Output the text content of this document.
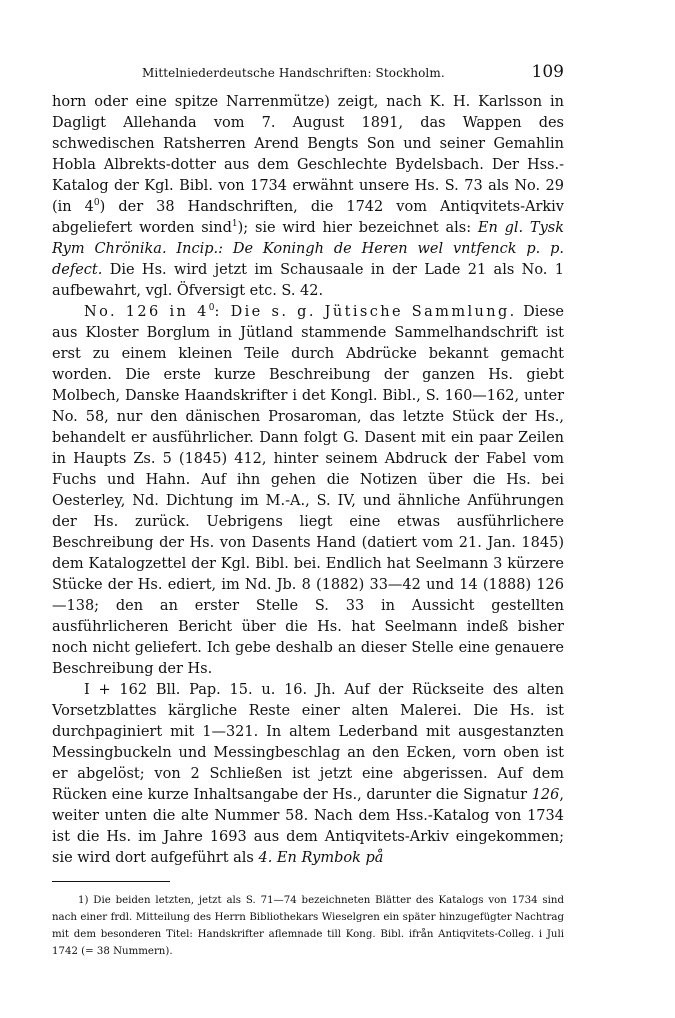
Mittelniederdeutsche Handschriften: Stockholm.	109

horn oder eine spitze Narrenmütze) zeigt, nach K. H. Karlsson in Dagligt Allehanda vom 7. August 1891, das Wappen des schwedischen Ratsherren Arend Bengts Son und seiner Gemahlin Hobla Albrekts-dotter aus dem Geschlechte Bydelsbach. Der Hss.-Katalog der Kgl. Bibl. von 1734 erwähnt unsere Hs. S. 73 als No. 29 (in $4^0$) der 38 Handschriften, die 1742 vom Antiqvitets-Arkiv abgeliefert worden sind$^1$); sie wird hier bezeichnet als: En gl. Tysk Rym Chrönika. Incip.: De Koningh de Heren wel vntfenck p. p. defect. Die Hs. wird jetzt im Schausaale in der Lade 21 als No. 1 aufbewahrt, vgl. Öfversigt etc. S. 42.

No. 126 in $4^0$: Die s. g. Jütische Sammlung. Diese aus Kloster Borglum in Jütland stammende Sammelhandschrift ist erst zu einem kleinen Teile durch Abdrücke bekannt gemacht worden. Die erste kurze Beschreibung der ganzen Hs. giebt Molbech, Danske Haandskrifter i det Kongl. Bibl., S. 160—162, unter No. 58, nur den dänischen Prosaroman, das letzte Stück der Hs., behandelt er ausführlicher. Dann folgt G. Dasent mit ein paar Zeilen in Haupts Zs. 5 (1845) 412, hinter seinem Abdruck der Fabel vom Fuchs und Hahn. Auf ihn gehen die Notizen über die Hs. bei Oesterley, Nd. Dichtung im M.-A., S. IV, und ähnliche Anführungen der Hs. zurück. Uebrigens liegt eine etwas ausführlichere Beschreibung der Hs. von Dasents Hand (datiert vom 21. Jan. 1845) dem Katalogzettel der Kgl. Bibl. bei. Endlich hat Seelmann 3 kürzere Stücke der Hs. ediert, im Nd. Jb. 8 (1882) 33—42 und 14 (1888) 126—138; den an erster Stelle S. 33 in Aussicht gestellten ausführlicheren Bericht über die Hs. hat Seelmann indeß bisher noch nicht geliefert. Ich gebe deshalb an dieser Stelle eine genauere Beschreibung der Hs.

I + 162 Bll. Pap. 15. u. 16. Jh. Auf der Rückseite des alten Vorsetzblattes kärgliche Reste einer alten Malerei. Die Hs. ist durchpaginiert mit 1—321. In altem Lederband mit ausgestanzten Messingbuckeln und Messingbeschlag an den Ecken, vorn oben ist er abgelöst; von 2 Schließen ist jetzt eine abgerissen. Auf dem Rücken eine kurze Inhaltsangabe der Hs., darunter die Signatur 126, weiter unten die alte Nummer 58. Nach dem Hss.-Katalog von 1734 ist die Hs. im Jahre 1693 aus dem Antiqvitets-Arkiv eingekommen; sie wird dort aufgeführt als 4. En Rymbok på

1) Die beiden letzten, jetzt als S. 71—74 bezeichneten Blätter des Katalogs von 1734 sind nach einer frdl. Mitteilung des Herrn Bibliothekars Wieselgren ein später hinzugefügter Nachtrag mit dem besonderen Titel: Handskrifter aflemnade till Kong. Bibl. ifrån Antiqvitets-Colleg. i Juli 1742 (= 38 Nummern).
